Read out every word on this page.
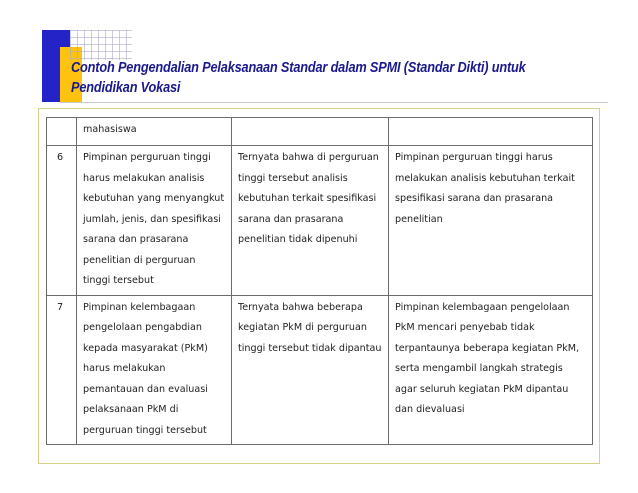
Contoh Pengendalian Pelaksanaan Standar dalam SPMI (Standar Dikti) untuk Pendidikan Vokasi
	mahasiswa		
6	Pimpinan perguruan tinggi harus melakukan analisis kebutuhan yang menyangkut jumlah, jenis, dan spesifikasi sarana dan prasarana penelitian di perguruan tinggi tersebut	Ternyata bahwa di perguruan tinggi tersebut analisis kebutuhan terkait spesifikasi sarana dan prasarana penelitian tidak dipenuhi	Pimpinan perguruan tinggi harus melakukan analisis kebutuhan terkait spesifikasi sarana dan prasarana penelitian
7	Pimpinan kelembagaan pengelolaan pengabdian kepada masyarakat (PkM) harus melakukan pemantauan dan evaluasi pelaksanaan PkM di perguruan tinggi tersebut	Ternyata bahwa beberapa kegiatan PkM di perguruan tinggi tersebut tidak dipantau	Pimpinan kelembagaan pengelolaan PkM mencari penyebab tidak terpantaunya beberapa kegiatan PkM, serta mengambil langkah strategis agar seluruh kegiatan PkM dipantau dan dievaluasi
